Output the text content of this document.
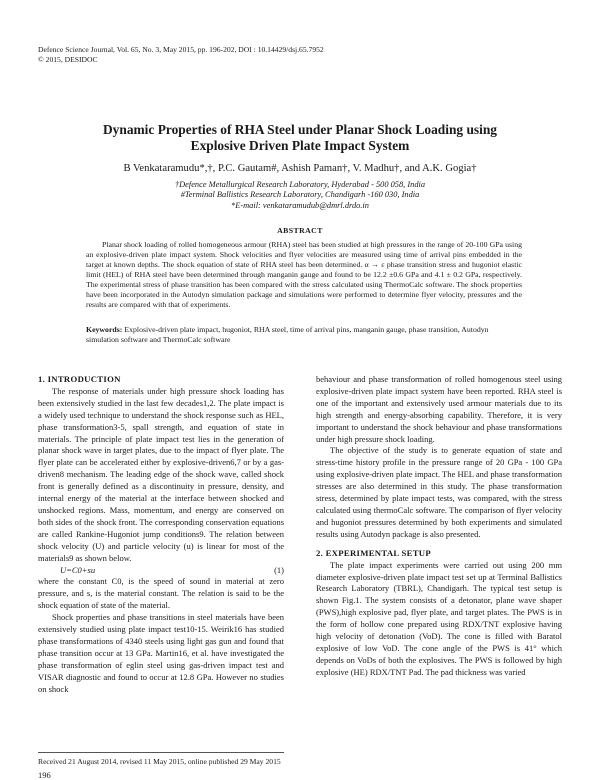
Defence Science Journal, Vol. 65, No. 3, May 2015, pp. 196-202, DOI : 10.14429/dsj.65.7952
© 2015, DESIDOC
Dynamic Properties of RHA Steel under Planar Shock Loading using
Explosive Driven Plate Impact System
B Venkataramudu*,†, P.C. Gautam#, Ashish Paman†, V. Madhu†, and A.K. Gogia†
†Defence Metallurgical Research Laboratory, Hyderabad - 500 058, India
#Terminal Ballistics Research Laboratory, Chandigarh -160 030, India
*E-mail: venkataramudub@dmrl.drdo.in
ABSTRACT

Planar shock loading of rolled homogeneous armour (RHA) steel has been studied at high pressures in the range of 20-100 GPa using an explosive-driven plate impact system. Shock velocities and flyer velocities are measured using time of arrival pins embedded in the target at known depths. The shock equation of state of RHA steel has been determined. α → ε phase transition stress and hugoniot elastic limit (HEL) of RHA steel have been determined through manganin gauge and found to be 12.2 ±0.6 GPa and 4.1 ± 0.2 GPa, respectively. The experimental stress of phase transition has been compared with the stress calculated using ThermoCalc software. The shock properties have been incorporated in the Autodyn simulation package and simulations were performed to determine flyer velocity, pressures and the results are compared with that of experiments.

Keywords: Explosive-driven plate impact, hugoniot, RHA steel, time of arrival pins, manganin gauge, phase transition, Autodyn simulation software and ThermoCalc software
1. INTRODUCTION

The response of materials under high pressure shock loading has been extensively studied in the last few decades1,2. The plate impact is a widely used technique to understand the shock response such as HEL, phase transformation3-5, spall strength, and equation of state in materials. The principle of plate impact test lies in the generation of planar shock wave in target plates, due to the impact of flyer plate. The flyer plate can be accelerated either by explosive-driven6,7 or by a gas-driven8 mechanism. The leading edge of the shock wave, called shock front is generally defined as a discontinuity in pressure, density, and internal energy of the material at the interface between shocked and unshocked regions. Mass, momentum, and energy are conserved on both sides of the shock front. The corresponding conservation equations are called Rankine-Hugoniot jump conditions9. The relation between shock velocity (U) and particle velocity (u) is linear for most of the materials9 as shown below.

U=C0+su	(1)

where the constant C0, is the speed of sound in material at zero pressure, and s, is the material constant. The relation is said to be the shock equation of state of the material.

Shock properties and phase transitions in steel materials have been extensively studied using plate impact test10-15. Weirik16 has studied phase transformations of 4340 steels using light gas gun and found that phase transition occur at 13 GPa. Martin16, et al. have investigated the phase transformation of eglin steel using gas-driven impact test and VISAR diagnostic and found to occur at 12.8 GPa. However no studies on shock

behaviour and phase transformation of rolled homogenous steel using explosive-driven plate impact system have been reported. RHA steel is one of the important and extensively used armour materials due to its high strength and energy-absorbing capability. Therefore, it is very important to understand the shock behaviour and phase transformations under high pressure shock loading.

The objective of the study is to generate equation of state and stress-time history profile in the pressure range of 20 GPa - 100 GPa using explosive-driven plate impact. The HEL and phase transformation stresses are also determined in this study. The phase transformation stress, determined by plate impact tests, was compared, with the stress calculated using thermoCalc software. The comparison of flyer velocity and hugoniot pressures determined by both experiments and simulated results using Autodyn package is also presented.

2. EXPERIMENTAL SETUP

The plate impact experiments were carried out using 200 mm diameter explosive-driven plate impact test set up at Terminal Ballistics Research Laboratory (TBRL), Chandigarh. The typical test setup is shown Fig.1. The system consists of a detonator, plane wave shaper (PWS),high explosive pad, flyer plate, and target plates. The PWS is in the form of hollow cone prepared using RDX/TNT explosive having high velocity of detonation (VoD). The cone is filled with Baratol explosive of low VoD. The cone angle of the PWS is 41° which depends on VoDs of both the explosives. The PWS is followed by high explosive (HE) RDX/TNT Pad. The pad thickness was varied

Received 21 August 2014, revised 11 May 2015, online published 29 May 2015
196
